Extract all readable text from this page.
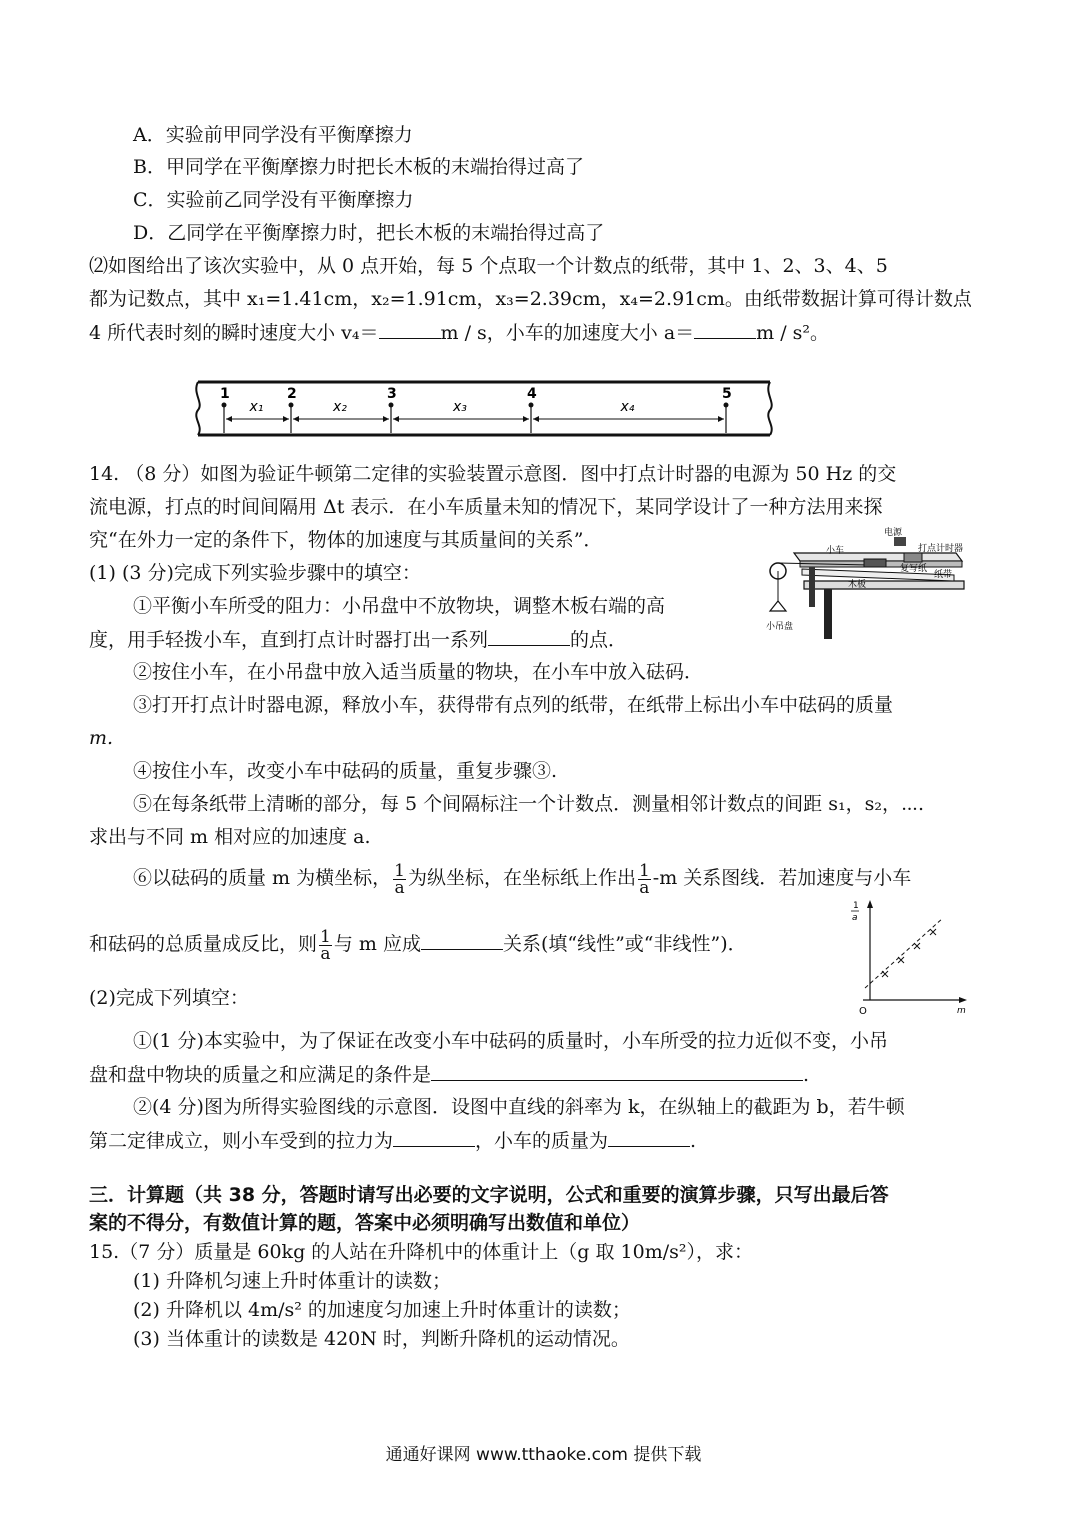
A．实验前甲同学没有平衡摩擦力
B．甲同学在平衡摩擦力时把长木板的末端抬得过高了
C．实验前乙同学没有平衡摩擦力
D．乙同学在平衡摩擦力时，把长木板的末端抬得过高了
⑵如图给出了该次实验中，从 0 点开始，每 5 个点取一个计数点的纸带，其中 1、2、3、4、5
都为记数点，其中 x₁=1.41cm，x₂=1.91cm，x₃=2.39cm，x₄=2.91cm。由纸带数据计算可得计数点
4 所代表时刻的瞬时速度大小 v₄＝	m / s，小车的加速度大小 a＝	m / s²。
1	2	3	4	5
x₁	x₂	x₃	x₄
14. （8 分）如图为验证牛顿第二定律的实验装置示意图．图中打点计时器的电源为 50 Hz 的交
流电源，打点的时间间隔用 Δt 表示．在小车质量未知的情况下，某同学设计了一种方法用来探
究“在外力一定的条件下，物体的加速度与其质量间的关系”．
(1) (3 分)完成下列实验步骤中的填空：
①平衡小车所受的阻力：小吊盘中不放物块，调整木板右端的高
度，用手轻拨小车，直到打点计时器打出一系列	的点．
小车
电源
打点计时器
纸带
木板
复写纸
小吊盘
②按住小车，在小吊盘中放入适当质量的物块，在小车中放入砝码．
③打开打点计时器电源，释放小车，获得带有点列的纸带，在纸带上标出小车中砝码的质量
m.
④按住小车，改变小车中砝码的质量，重复步骤③.
⑤在每条纸带上清晰的部分，每 5 个间隔标注一个计数点．测量相邻计数点的间距 s₁，s₂，⋯.
求出与不同 m 相对应的加速度 a.
⑥以砝码的质量 m 为横坐标， $\frac{1}{a}$ 为纵坐标，在坐标纸上作出 $\frac{1}{a} -m$ 关系图线．若加速度与小车
和砝码的总质量成反比，则 $\frac{1}{a}$ 与 m 应成	关系(填“线性”或“非线性”)．
1
a
m
O
(2)完成下列填空：
①(1 分)本实验中，为了保证在改变小车中砝码的质量时，小车所受的拉力近似不变，小吊
盘和盘中物块的质量之和应满足的条件是	.
②(4 分)图为所得实验图线的示意图．设图中直线的斜率为 k，在纵轴上的截距为 b，若牛顿
第二定律成立，则小车受到的拉力为	，小车的质量为	.
三．计算题（共 38 分，答题时请写出必要的文字说明，公式和重要的演算步骤，只写出最后答
案的不得分，有数值计算的题，答案中必须明确写出数值和单位）
15.（7 分）质量是 60kg 的人站在升降机中的体重计上（g 取 10m/s²），求：
(1) 升降机匀速上升时体重计的读数；
(2) 升降机以 4m/s² 的加速度匀加速上升时体重计的读数；
(3) 当体重计的读数是 420N 时，判断升降机的运动情况。
通通好课网 www.tthaoke.com 提供下载
